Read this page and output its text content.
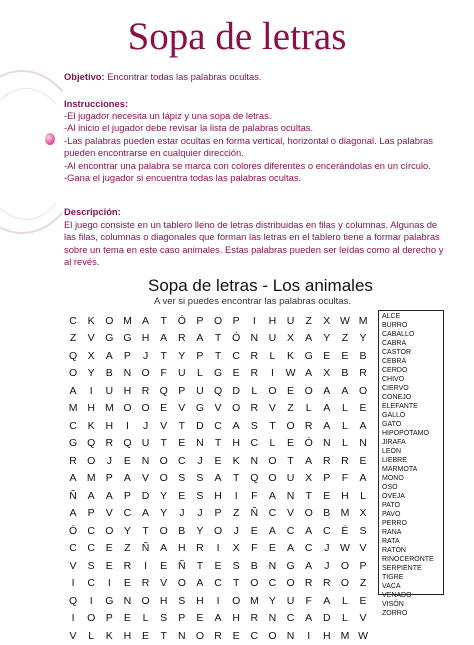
Sopa de letras
Objetivo: Encontrar todas las palabras ocultas.
Instrucciones:
-El jugador necesita un lápiz y una sopa de letras.
-Al inicio el jugador debe revisar la lista de palabras ocultas.
-Las palabras pueden estar ocultas en forma vertical, horizontal o diagonal. Las palabras pueden encontrarse en cualquier dirección.
-Al encontrar una palabra se marca con colores diferentes o encerándolas en un círculo.
-Gana el jugador si encuentra todas las palabras ocultas.
Descripción:
El juego consiste en un tablero lleno de letras distribuidas en filas y columnas. Algunas de las filas, columnas o diagonales que forman las letras en el tablero tiene a formar palabras sobre un tema en este caso animales. Estas palabras pueden ser leídas como al derecho y al revés.
Sopa de letras - Los animales
A ver si puedes encontrar las palabras ocultas.
C	K	O M A	T	Ó	P	O	P	I	H	U	Z	X W M
Z	V	G G H	A	R	A	T	Ó N	U	X	A	Y	Z	Y
Q	X	A	P	J	T	Y	P	T	C	R	L	K	G	E	E	B
O	Y	B	N O	F	U	L	G	E	R	I	W A	X	B	R
A	I	U	H	R Q	P	U Q D	L	O	E	O	A	A	O
M H M O O	E	V	G	V	O R	V	Z	L	A	L	E
C	K	H	I	J	V	T	D	C	A	S	T	O R	A	L	A
G Q R Q U	T	E	N	T	H	C	L	E	Ó N	L	N
R O	J	E	N O C	J	E	K	N O	T	A	R	R	E
A M P	A	V	O	S	S	A	T	Q O U	X	P	F	A
Ñ	A	A	P	D	Y	E	S	H	I	F	A	N	T	E	H	L
A	P	V	C	A	Y	J	J	P	Z	Ñ	C	V	O	B M X
Ó C O	Y	T	O	B	Y	O	J	E	A	C	A	C	É	S
C	C	E	Z	Ñ	A	H	R	I	X	F	E	A	C	J	W V
V	S	E	R	I	E	Ñ	T	E	S	B	N G	A	J	O	P
I	C	I	E	R	V	O	A	C	T	O C O R	R O	Z
Q	I	G N O H	S	H	I	O M Y	U	F	A	L	E
I	O	P	E	L	S	P	E	A	H	R	N	C	A	D	L	V
V	L	K	H	E	T	N O R	E	C O N	I	H M W
ALCE
BURRO
CABALLO
CABRA
CASTOR
CEBRA
CERDO
CHIVO
CIERVO
CONEJO
ELEFANTE
GALLO
GATO
HIPOPÓTAMO
JIRAFA
LEÓN
LIEBRE
MARMOTA
MONO
OSO
OVEJA
PATO
PAVO
PERRO
RANA
RATA
RATÓN
RINOCERONTE
SERPIENTE
TIGRE
VACA
VENADO
VISÓN
ZORRO
